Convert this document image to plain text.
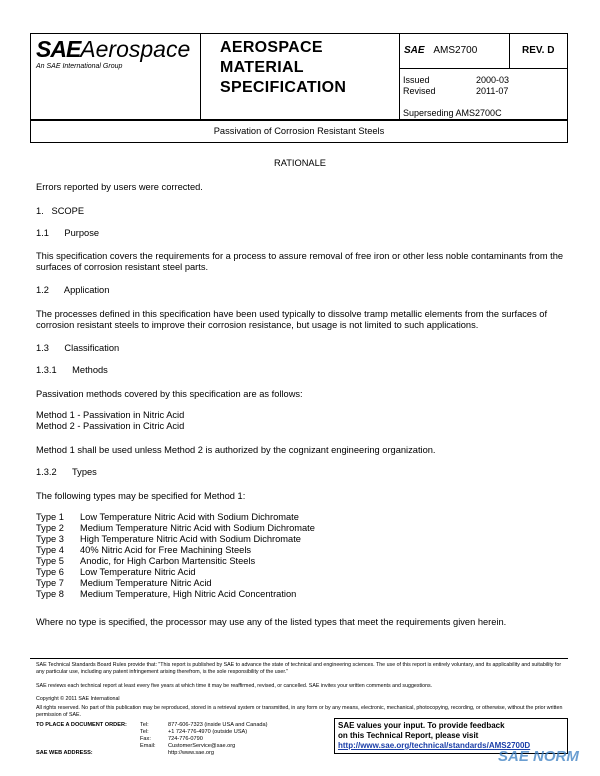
SAEAerospace
An SAE International Group
AEROSPACE
MATERIAL
SPECIFICATION
SAE AMS2700	REV. D
Issued	2000-03
Revised	2011-07
Superseding AMS2700C
Passivation of Corrosion Resistant Steels
RATIONALE
Errors reported by users were corrected.
1.   SCOPE
1.1      Purpose
This specification covers the requirements for a process to assure removal of free iron or other less noble contaminants from the surfaces of corrosion resistant steel parts.
1.2      Application
The processes defined in this specification have been used typically to dissolve tramp metallic elements from the surfaces of corrosion resistant steels to improve their corrosion resistance, but usage is not limited to such applications.
1.3      Classification
1.3.1      Methods
Passivation methods covered by this specification are as follows:
Method 1 - Passivation in Nitric Acid
Method 2 - Passivation in Citric Acid
Method 1 shall be used unless Method 2 is authorized by the cognizant engineering organization.
1.3.2      Types
The following types may be specified for Method 1:
Type 1	Low Temperature Nitric Acid with Sodium Dichromate
Type 2	Medium Temperature Nitric Acid with Sodium Dichromate
Type 3	High Temperature Nitric Acid with Sodium Dichromate
Type 4	40% Nitric Acid for Free Machining Steels
Type 5	Anodic, for High Carbon Martensitic Steels
Type 6	Low Temperature Nitric Acid
Type 7	Medium Temperature Nitric Acid
Type 8	Medium Temperature, High Nitric Acid Concentration
Where no type is specified, the processor may use any of the listed types that meet the requirements given herein.
SAE Technical Standards Board Rules provide that: "This report is published by SAE to advance the state of technical and engineering sciences. The use of this report is entirely voluntary, and its applicability and suitability for any particular use, including any patent infringement arising therefrom, is the sole responsibility of the user."
SAE reviews each technical report at least every five years at which time it may be reaffirmed, revised, or cancelled. SAE invites your written comments and suggestions.
Copyright © 2011 SAE International
All rights reserved. No part of this publication may be reproduced, stored in a retrieval system or transmitted, in any form or by any means, electronic, mechanical, photocopying, recording, or otherwise, without the prior written permission of SAE.
TO PLACE A DOCUMENT ORDER:	Tel:	877-606-7323 (inside USA and Canada)
	Tel:	+1 724-776-4970 (outside USA)
	Fax:	724-776-0790
	Email:	CustomerService@sae.org
SAE WEB ADDRESS:		http://www.sae.org
SAE values your input. To provide feedback
on this Technical Report, please visit
http://www.sae.org/technical/standards/AMS2700D
SAE NORM
